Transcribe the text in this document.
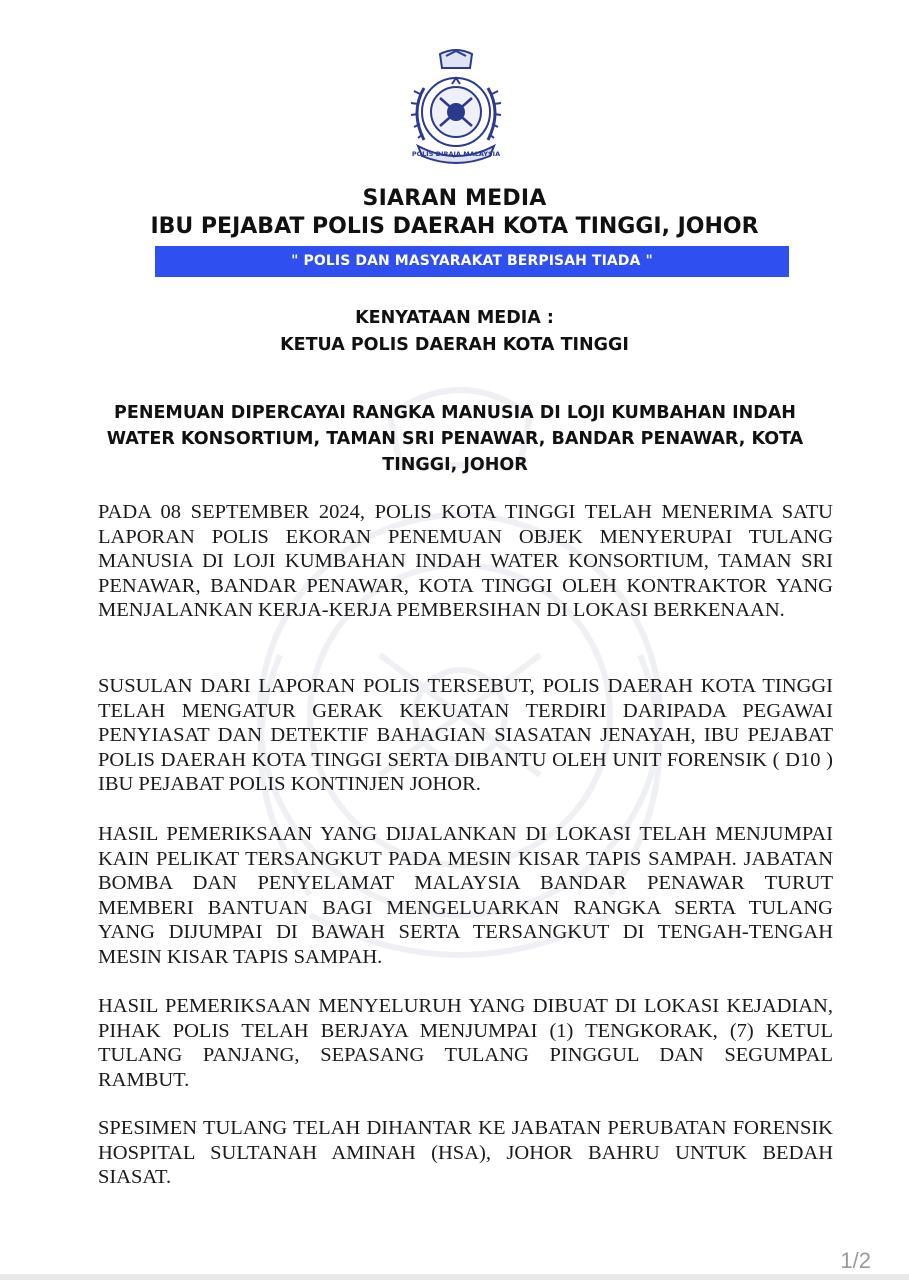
POLIS DIRAJA MALAYSIA
SIARAN MEDIA
IBU PEJABAT POLIS DAERAH KOTA TINGGI, JOHOR
" POLIS DAN MASYARAKAT BERPISAH TIADA "
KENYATAAN MEDIA :
KETUA POLIS DAERAH KOTA TINGGI
PENEMUAN DIPERCAYAI RANGKA MANUSIA DI LOJI KUMBAHAN INDAH WATER KONSORTIUM, TAMAN SRI PENAWAR, BANDAR PENAWAR, KOTA TINGGI, JOHOR
PADA 08 SEPTEMBER 2024, POLIS KOTA TINGGI TELAH MENERIMA SATU LAPORAN POLIS EKORAN PENEMUAN OBJEK MENYERUPAI TULANG MANUSIA DI LOJI KUMBAHAN INDAH WATER KONSORTIUM, TAMAN SRI PENAWAR, BANDAR PENAWAR, KOTA TINGGI OLEH KONTRAKTOR YANG MENJALANKAN KERJA-KERJA PEMBERSIHAN DI LOKASI BERKENAAN.
SUSULAN DARI LAPORAN POLIS TERSEBUT, POLIS DAERAH KOTA TINGGI TELAH MENGATUR GERAK KEKUATAN TERDIRI DARIPADA PEGAWAI PENYIASAT DAN DETEKTIF BAHAGIAN SIASATAN JENAYAH, IBU PEJABAT POLIS DAERAH KOTA TINGGI SERTA DIBANTU OLEH UNIT FORENSIK ( D10 ) IBU PEJABAT POLIS KONTINJEN JOHOR.
HASIL PEMERIKSAAN YANG DIJALANKAN DI LOKASI TELAH MENJUMPAI KAIN PELIKAT TERSANGKUT PADA MESIN KISAR TAPIS SAMPAH. JABATAN BOMBA DAN PENYELAMAT MALAYSIA BANDAR PENAWAR TURUT MEMBERI BANTUAN BAGI MENGELUARKAN RANGKA SERTA TULANG YANG DIJUMPAI DI BAWAH SERTA TERSANGKUT DI TENGAH-TENGAH MESIN KISAR TAPIS SAMPAH.
HASIL PEMERIKSAAN MENYELURUH YANG DIBUAT DI LOKASI KEJADIAN, PIHAK POLIS TELAH BERJAYA MENJUMPAI (1) TENGKORAK, (7) KETUL TULANG PANJANG, SEPASANG TULANG PINGGUL DAN SEGUMPAL RAMBUT.
SPESIMEN TULANG TELAH DIHANTAR KE JABATAN PERUBATAN FORENSIK HOSPITAL SULTANAH AMINAH (HSA), JOHOR BAHRU UNTUK BEDAH SIASAT.
1/2
